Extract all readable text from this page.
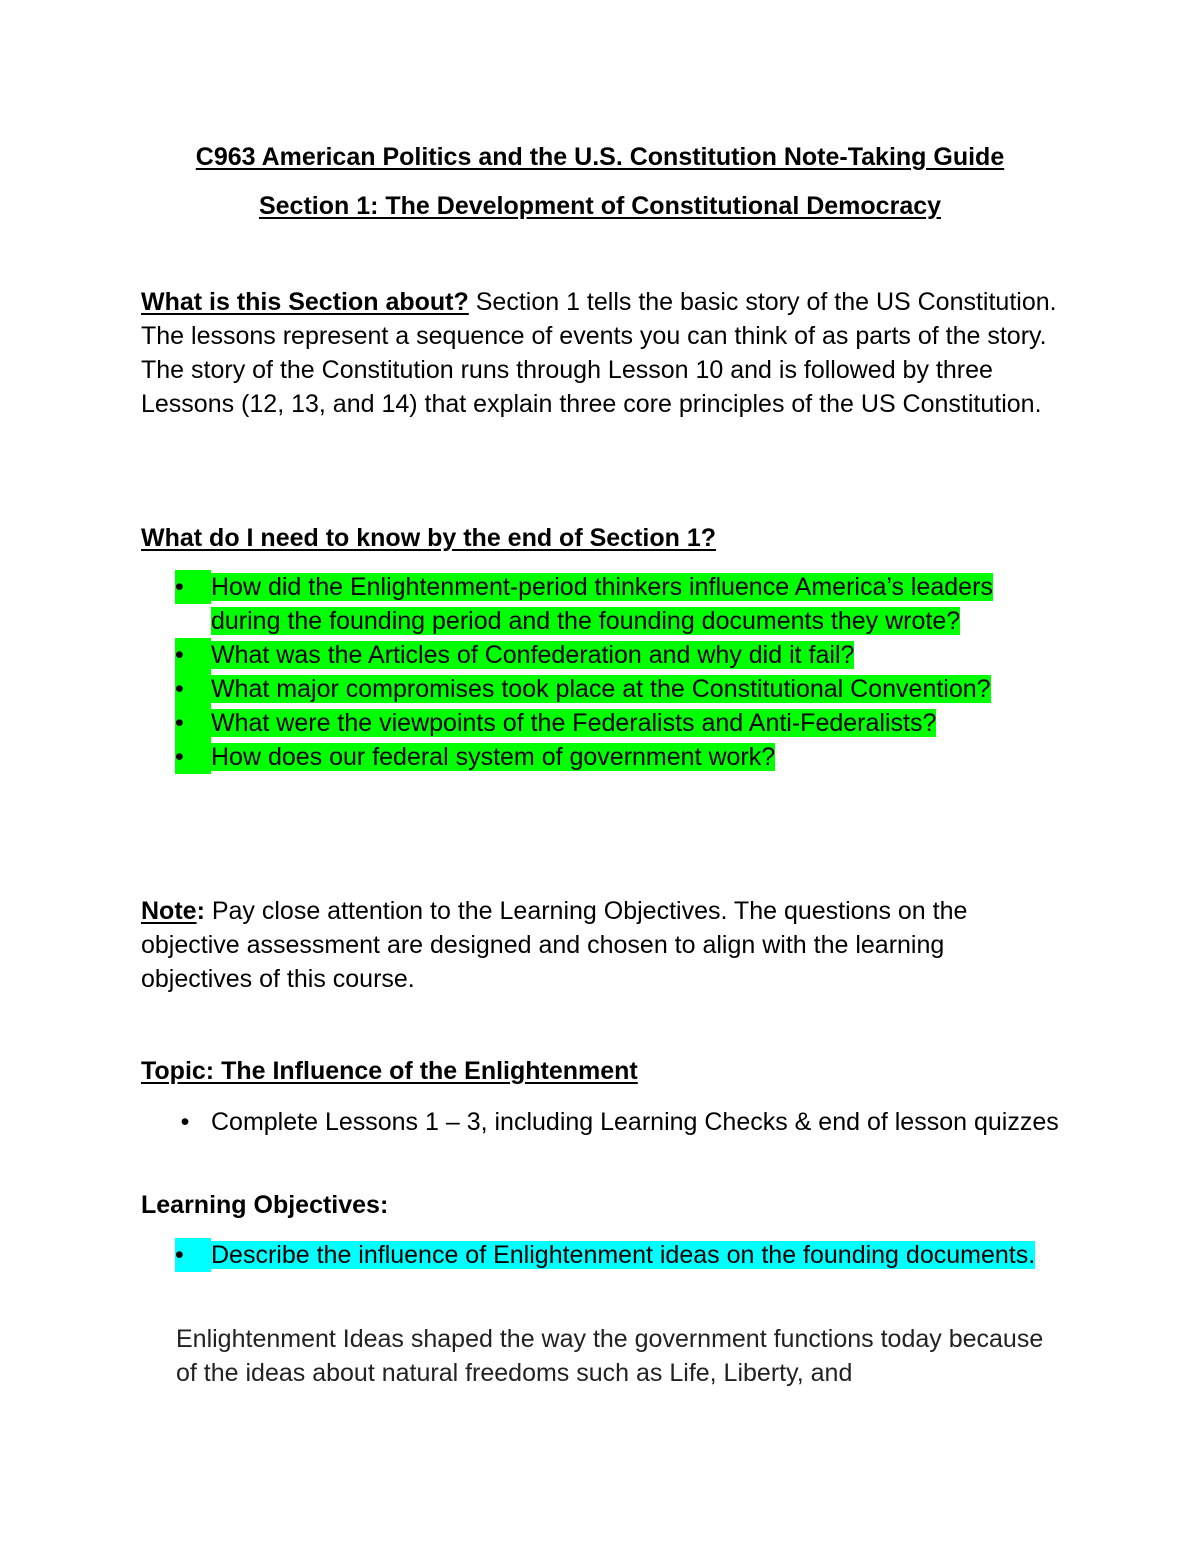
C963 American Politics and the U.S. Constitution Note-Taking Guide
Section 1: The Development of Constitutional Democracy
What is this Section about? Section 1 tells the basic story of the US Constitution. The lessons represent a sequence of events you can think of as parts of the story. The story of the Constitution runs through Lesson 10 and is followed by three Lessons (12, 13, and 14) that explain three core principles of the US Constitution.
What do I need to know by the end of Section 1?
•	How did the Enlightenment-period thinkers influence America’s leaders during the founding period and the founding documents they wrote?
•	What was the Articles of Confederation and why did it fail?
•	What major compromises took place at the Constitutional Convention?
•	What were the viewpoints of the Federalists and Anti-Federalists?
•	How does our federal system of government work?
Note: Pay close attention to the Learning Objectives. The questions on the objective assessment are designed and chosen to align with the learning objectives of this course.
Topic: The Influence of the Enlightenment
• Complete Lessons 1 – 3, including Learning Checks & end of lesson quizzes
Learning Objectives:
•	Describe the influence of Enlightenment ideas on the founding documents.
Enlightenment Ideas shaped the way the government functions today because of the ideas about natural freedoms such as Life, Liberty, and
